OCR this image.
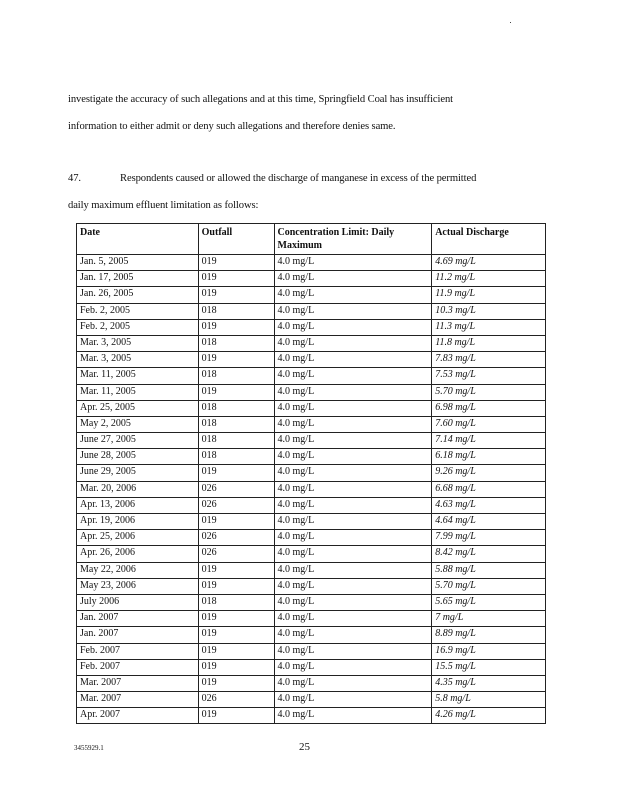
investigate the accuracy of such allegations and at this time, Springfield Coal has insufficient
information to either admit or deny such allegations and therefore denies same.
47.	Respondents caused or allowed the discharge of manganese in excess of the permitted
daily maximum effluent limitation as follows:
Date	Outfall	Concentration Limit: Daily Maximum	Actual Discharge
Jan. 5, 2005	019	4.0 mg/L	4.69 mg/L
Jan. 17, 2005	019	4.0 mg/L	11.2 mg/L
Jan. 26, 2005	019	4.0 mg/L	11.9 mg/L
Feb. 2, 2005	018	4.0 mg/L	10.3 mg/L
Feb. 2, 2005	019	4.0 mg/L	11.3 mg/L
Mar. 3, 2005	018	4.0 mg/L	11.8 mg/L
Mar. 3, 2005	019	4.0 mg/L	7.83 mg/L
Mar. 11, 2005	018	4.0 mg/L	7.53 mg/L
Mar. 11, 2005	019	4.0 mg/L	5.70 mg/L
Apr. 25, 2005	018	4.0 mg/L	6.98 mg/L
May 2, 2005	018	4.0 mg/L	7.60 mg/L
June 27, 2005	018	4.0 mg/L	7.14 mg/L
June 28, 2005	018	4.0 mg/L	6.18 mg/L
June 29, 2005	019	4.0 mg/L	9.26 mg/L
Mar. 20, 2006	026	4.0 mg/L	6.68 mg/L
Apr. 13, 2006	026	4.0 mg/L	4.63 mg/L
Apr. 19, 2006	019	4.0 mg/L	4.64 mg/L
Apr. 25, 2006	026	4.0 mg/L	7.99 mg/L
Apr. 26, 2006	026	4.0 mg/L	8.42 mg/L
May 22, 2006	019	4.0 mg/L	5.88 mg/L
May 23, 2006	019	4.0 mg/L	5.70 mg/L
July 2006	018	4.0 mg/L	5.65 mg/L
Jan. 2007	019	4.0 mg/L	7 mg/L
Jan. 2007	019	4.0 mg/L	8.89 mg/L
Feb. 2007	019	4.0 mg/L	16.9 mg/L
Feb. 2007	019	4.0 mg/L	15.5 mg/L
Mar. 2007	019	4.0 mg/L	4.35 mg/L
Mar. 2007	026	4.0 mg/L	5.8 mg/L
Apr. 2007	019	4.0 mg/L	4.26 mg/L
3455929.1	25
